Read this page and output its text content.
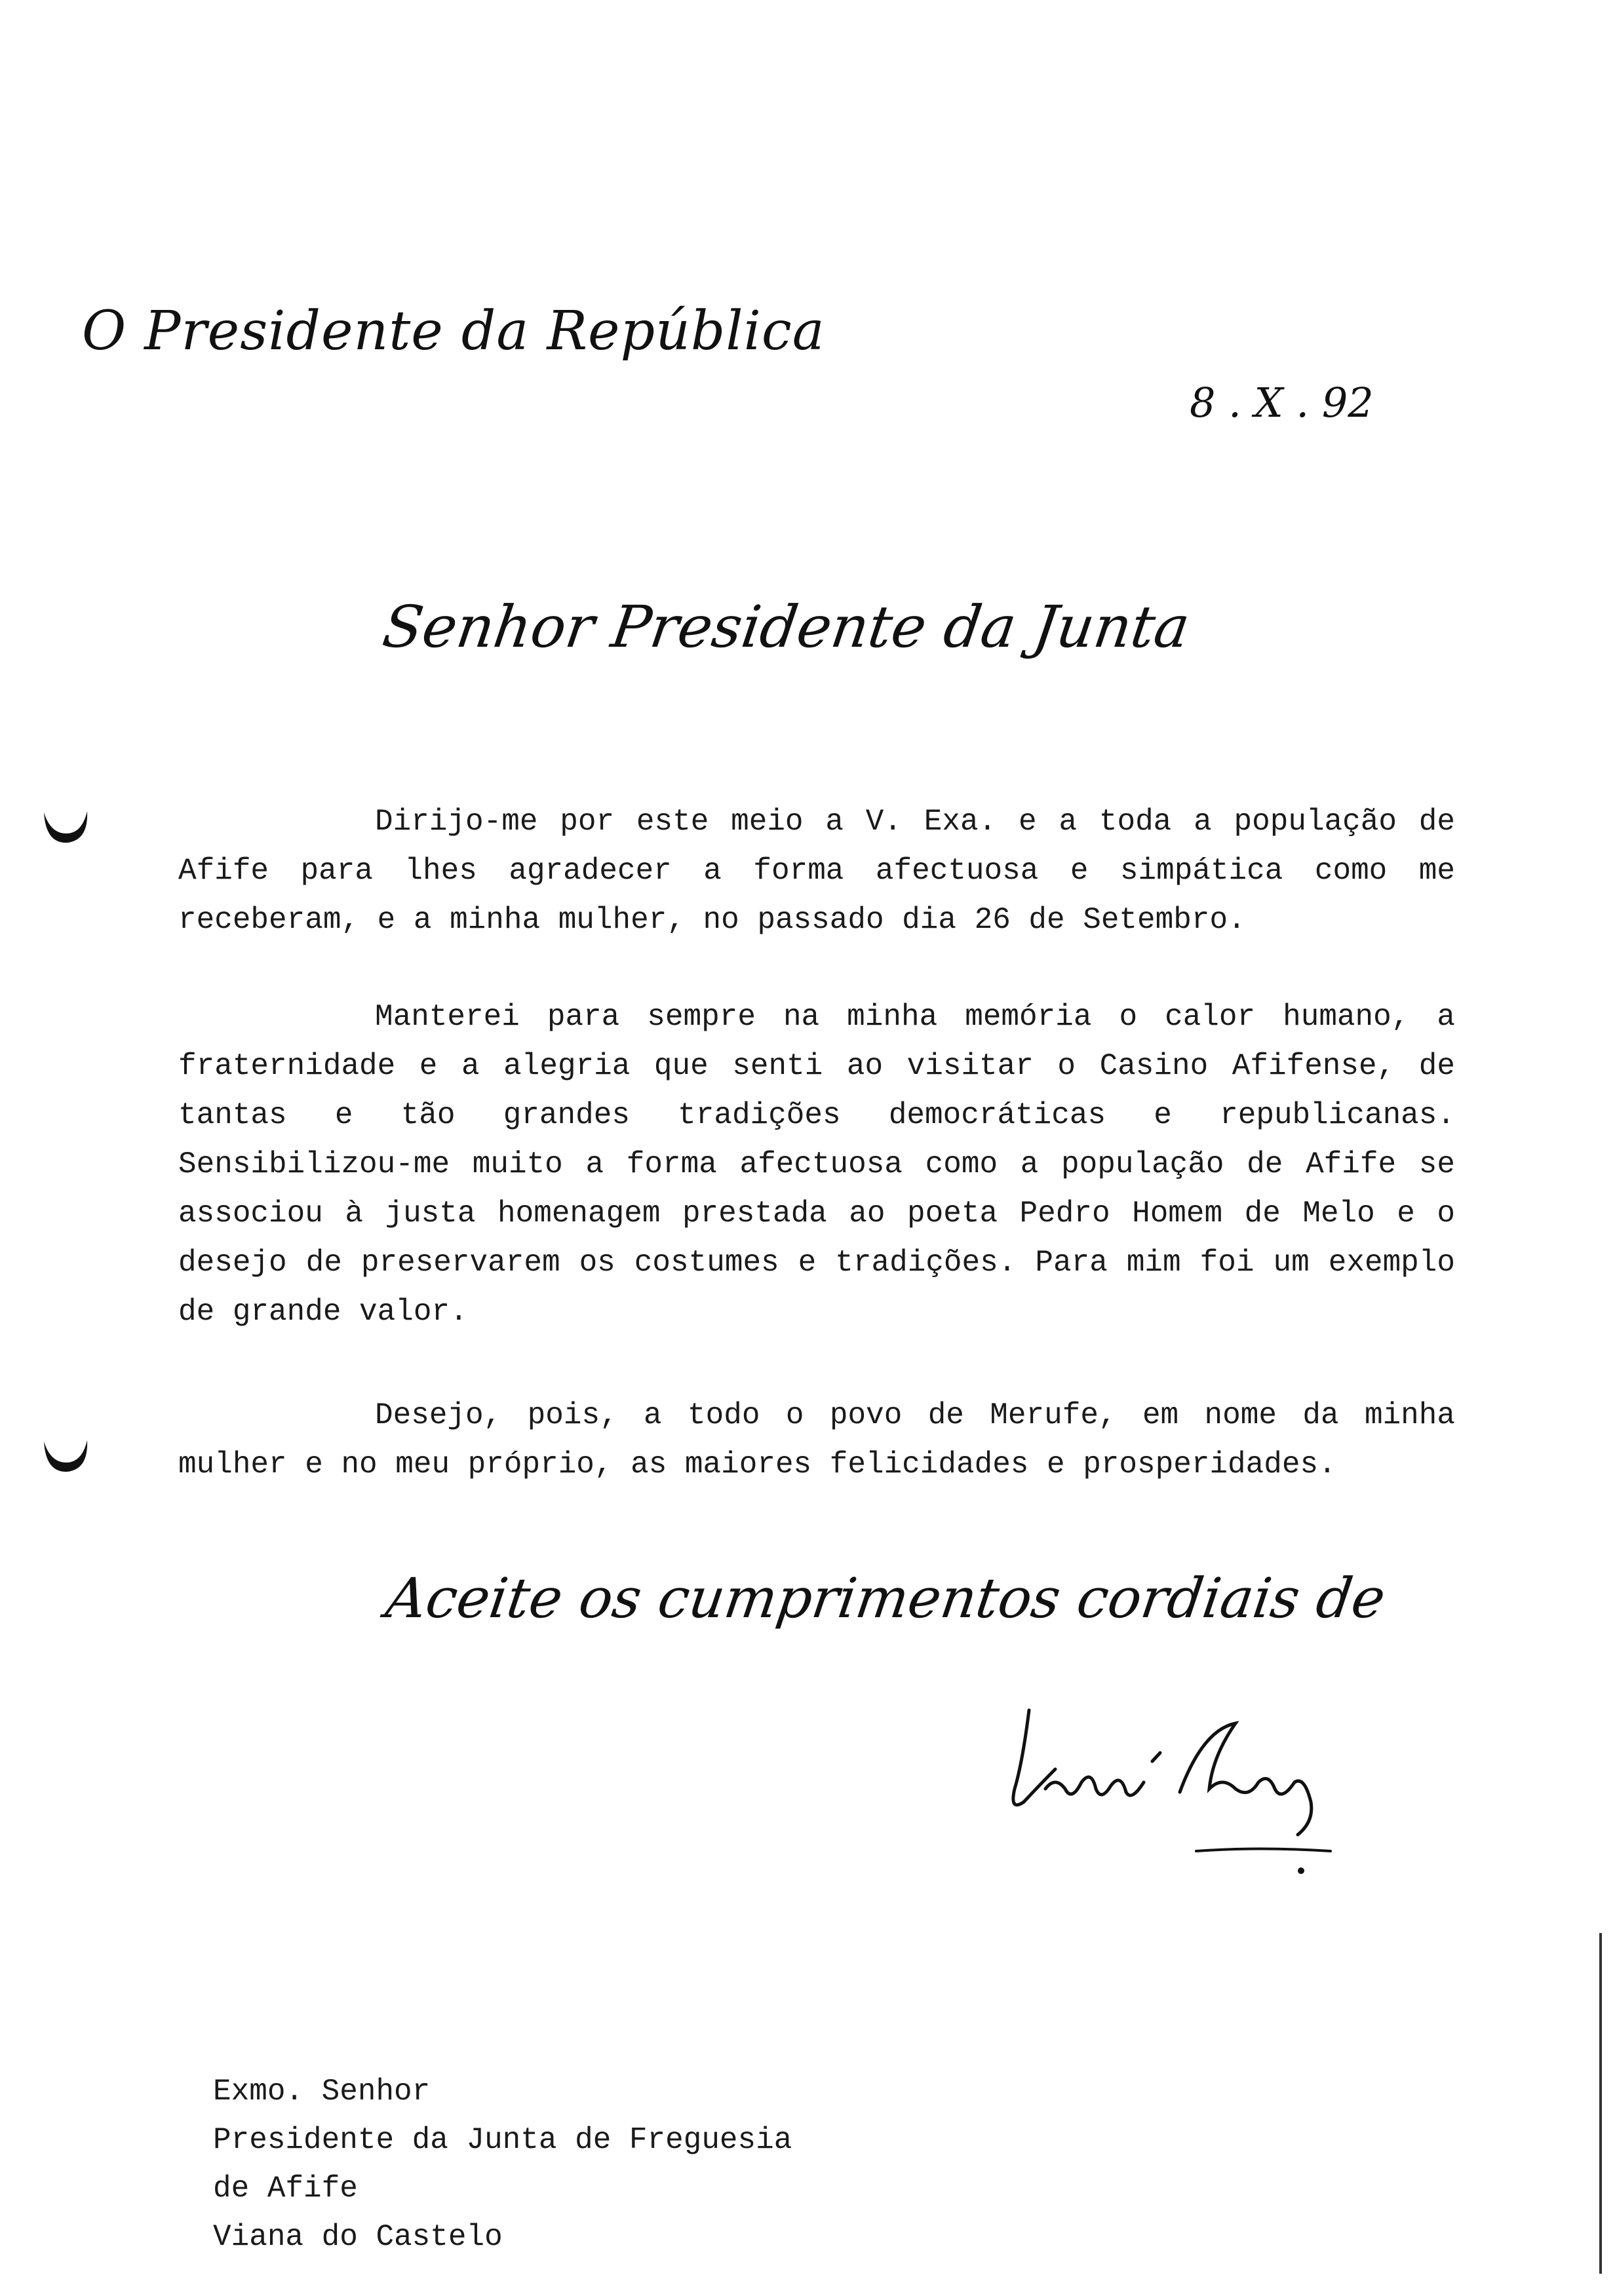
O Presidente da República
8 . X . 92
Senhor Presidente da Junta

Dirijo-me por este meio a V. Exa. e a toda a população de Afife para lhes agradecer a forma afectuosa e simpática como me receberam, e a minha mulher, no passado dia 26 de Setembro.

Manterei para sempre na minha memória o calor humano, a fraternidade e a alegria que senti ao visitar o Casino Afifense, de tantas e tão grandes tradições democráticas e republicanas. Sensibilizou-me muito a forma afectuosa como a população de Afife se associou à justa homenagem prestada ao poeta Pedro Homem de Melo e o desejo de preservarem os costumes e tradições. Para mim foi um exemplo de grande valor.

Desejo, pois, a todo o povo de Merufe, em nome da minha mulher e no meu próprio, as maiores felicidades e prosperidades.

Aceite os cumprimentos cordiais de
Exmo. Senhor
Presidente da Junta de Freguesia
de Afife
Viana do Castelo
